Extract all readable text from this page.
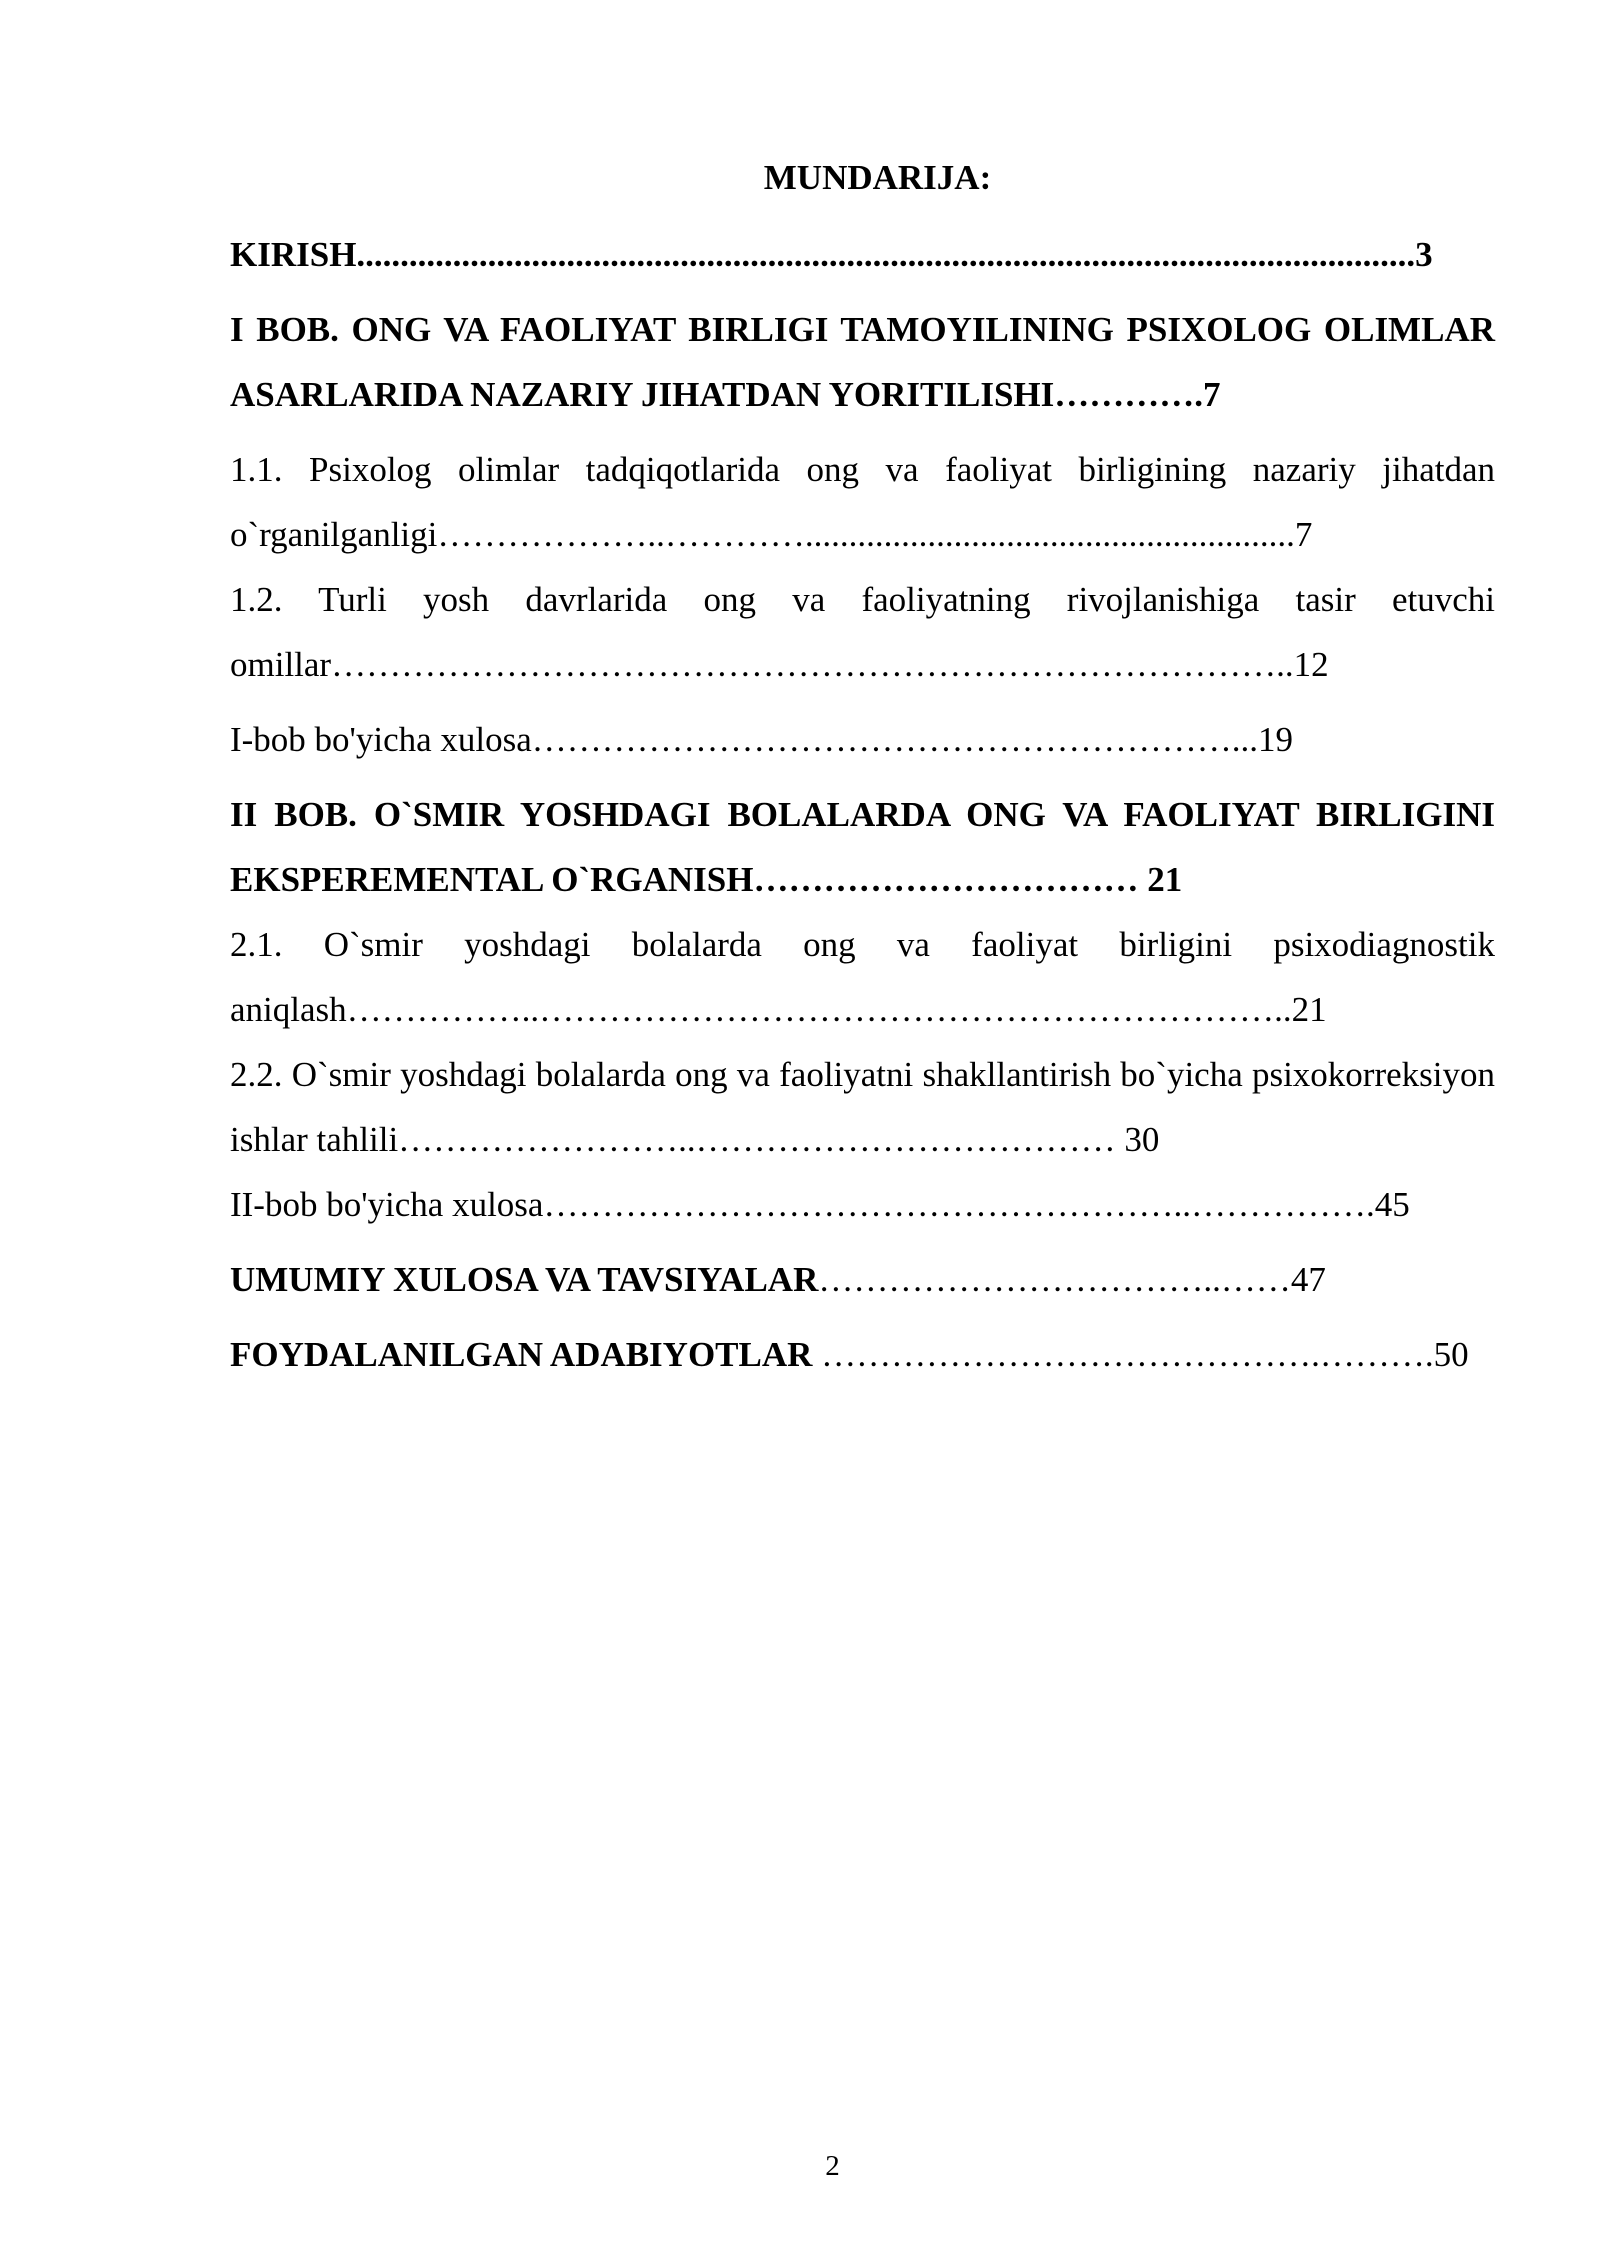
MUNDARIJA:

KIRISH.........................................................................................................................3

I BOB. ONG VA FAOLIYAT BIRLIGI TAMOYILINING PSIXOLOG OLIMLAR ASARLARIDA NAZARIY JIHATDAN YORITILISHI………….7

1.1. Psixolog olimlar tadqiqotlarida ong va faoliyat birligining nazariy jihatdan o`rganilganligi………………..…………........................................................7

1.2. Turli yosh davrlarida ong va faoliyatning rivojlanishiga tasir etuvchi omillar………………………………………………………………………..12

I-bob bo'yicha xulosa……………………………………………………...19

II BOB. O`SMIR YOSHDAGI BOLALARDA ONG VA FAOLIYAT BIRLIGINI EKSPEREMENTAL O`RGANISH…………………………… 21

2.1. O`smir yoshdagi bolalarda ong va faoliyat birligini psixodiagnostik aniqlash……………..………………………………………………………..21

2.2. O`smir yoshdagi bolalarda ong va faoliyatni shakllantirish bo`yicha psixokorreksiyon ishlar tahlili……………………..……………………………… 30

II-bob bo'yicha xulosa………………………………………………..…………….45

UMUMIY XULOSA VA TAVSIYALAR……………………………..……47

FOYDALANILGAN ADABIYOTLAR …………………………………….……….50

2
